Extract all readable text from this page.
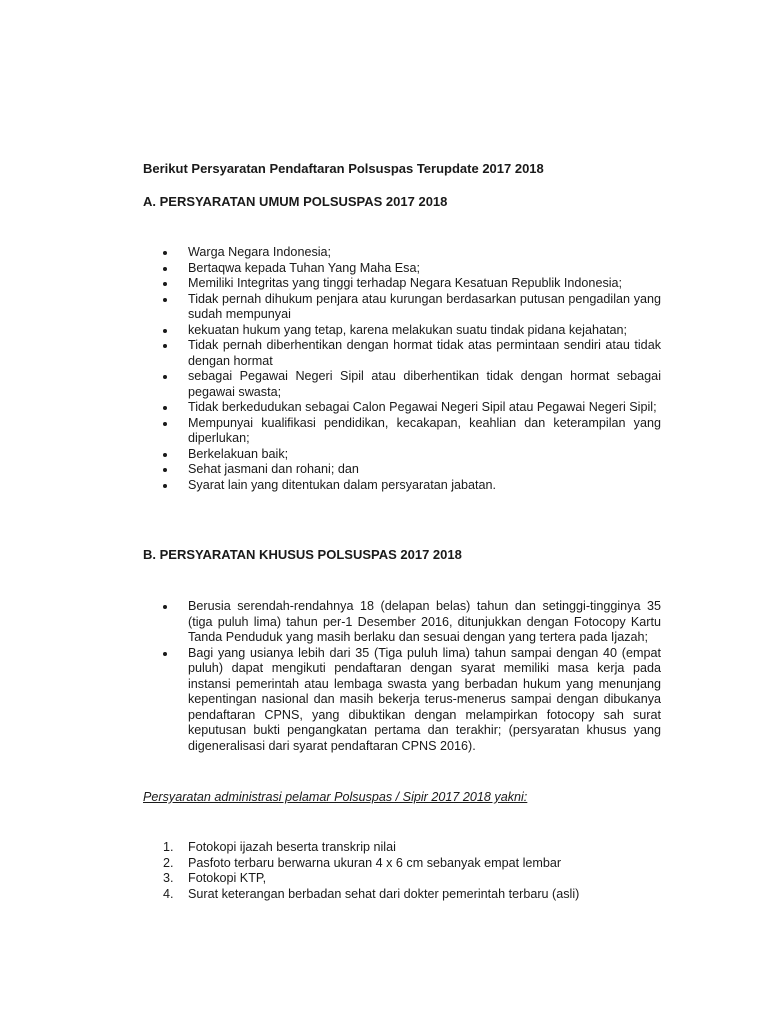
Berikut Persyaratan Pendaftaran Polsuspas Terupdate 2017 2018
A. PERSYARATAN UMUM POLSUSPAS 2017 2018
Warga Negara Indonesia;
Bertaqwa kepada Tuhan Yang Maha Esa;
Memiliki Integritas yang tinggi terhadap Negara Kesatuan Republik Indonesia;
Tidak pernah dihukum penjara atau kurungan berdasarkan putusan pengadilan yang sudah mempunyai
kekuatan hukum yang tetap, karena melakukan suatu tindak pidana kejahatan;
Tidak pernah diberhentikan dengan hormat tidak atas permintaan sendiri atau tidak dengan hormat
sebagai Pegawai Negeri Sipil atau diberhentikan tidak dengan hormat sebagai pegawai swasta;
Tidak berkedudukan sebagai Calon Pegawai Negeri Sipil atau Pegawai Negeri Sipil;
Mempunyai kualifikasi pendidikan, kecakapan, keahlian dan keterampilan yang diperlukan;
Berkelakuan baik;
Sehat jasmani dan rohani; dan
Syarat lain yang ditentukan dalam persyaratan jabatan.
B. PERSYARATAN KHUSUS POLSUSPAS 2017 2018
Berusia serendah-rendahnya 18 (delapan belas) tahun dan setinggi-tingginya 35 (tiga puluh lima) tahun per-1 Desember 2016, ditunjukkan dengan Fotocopy Kartu Tanda Penduduk yang masih berlaku dan sesuai dengan yang tertera pada Ijazah;
Bagi yang usianya lebih dari 35 (Tiga puluh lima) tahun sampai dengan 40 (empat puluh) dapat mengikuti pendaftaran dengan syarat memiliki masa kerja pada instansi pemerintah atau lembaga swasta yang berbadan hukum yang menunjang kepentingan nasional dan masih bekerja terus-menerus sampai dengan dibukanya pendaftaran CPNS, yang dibuktikan dengan melampirkan fotocopy sah surat keputusan bukti pengangkatan pertama dan terakhir; (persyaratan khusus yang digeneralisasi dari syarat pendaftaran CPNS 2016).
Persyaratan administrasi pelamar Polsuspas / Sipir 2017 2018 yakni:
1. Fotokopi ijazah beserta transkrip nilai
2. Pasfoto terbaru berwarna ukuran 4 x 6 cm sebanyak empat lembar
3. Fotokopi KTP,
4. Surat keterangan berbadan sehat dari dokter pemerintah terbaru (asli)
